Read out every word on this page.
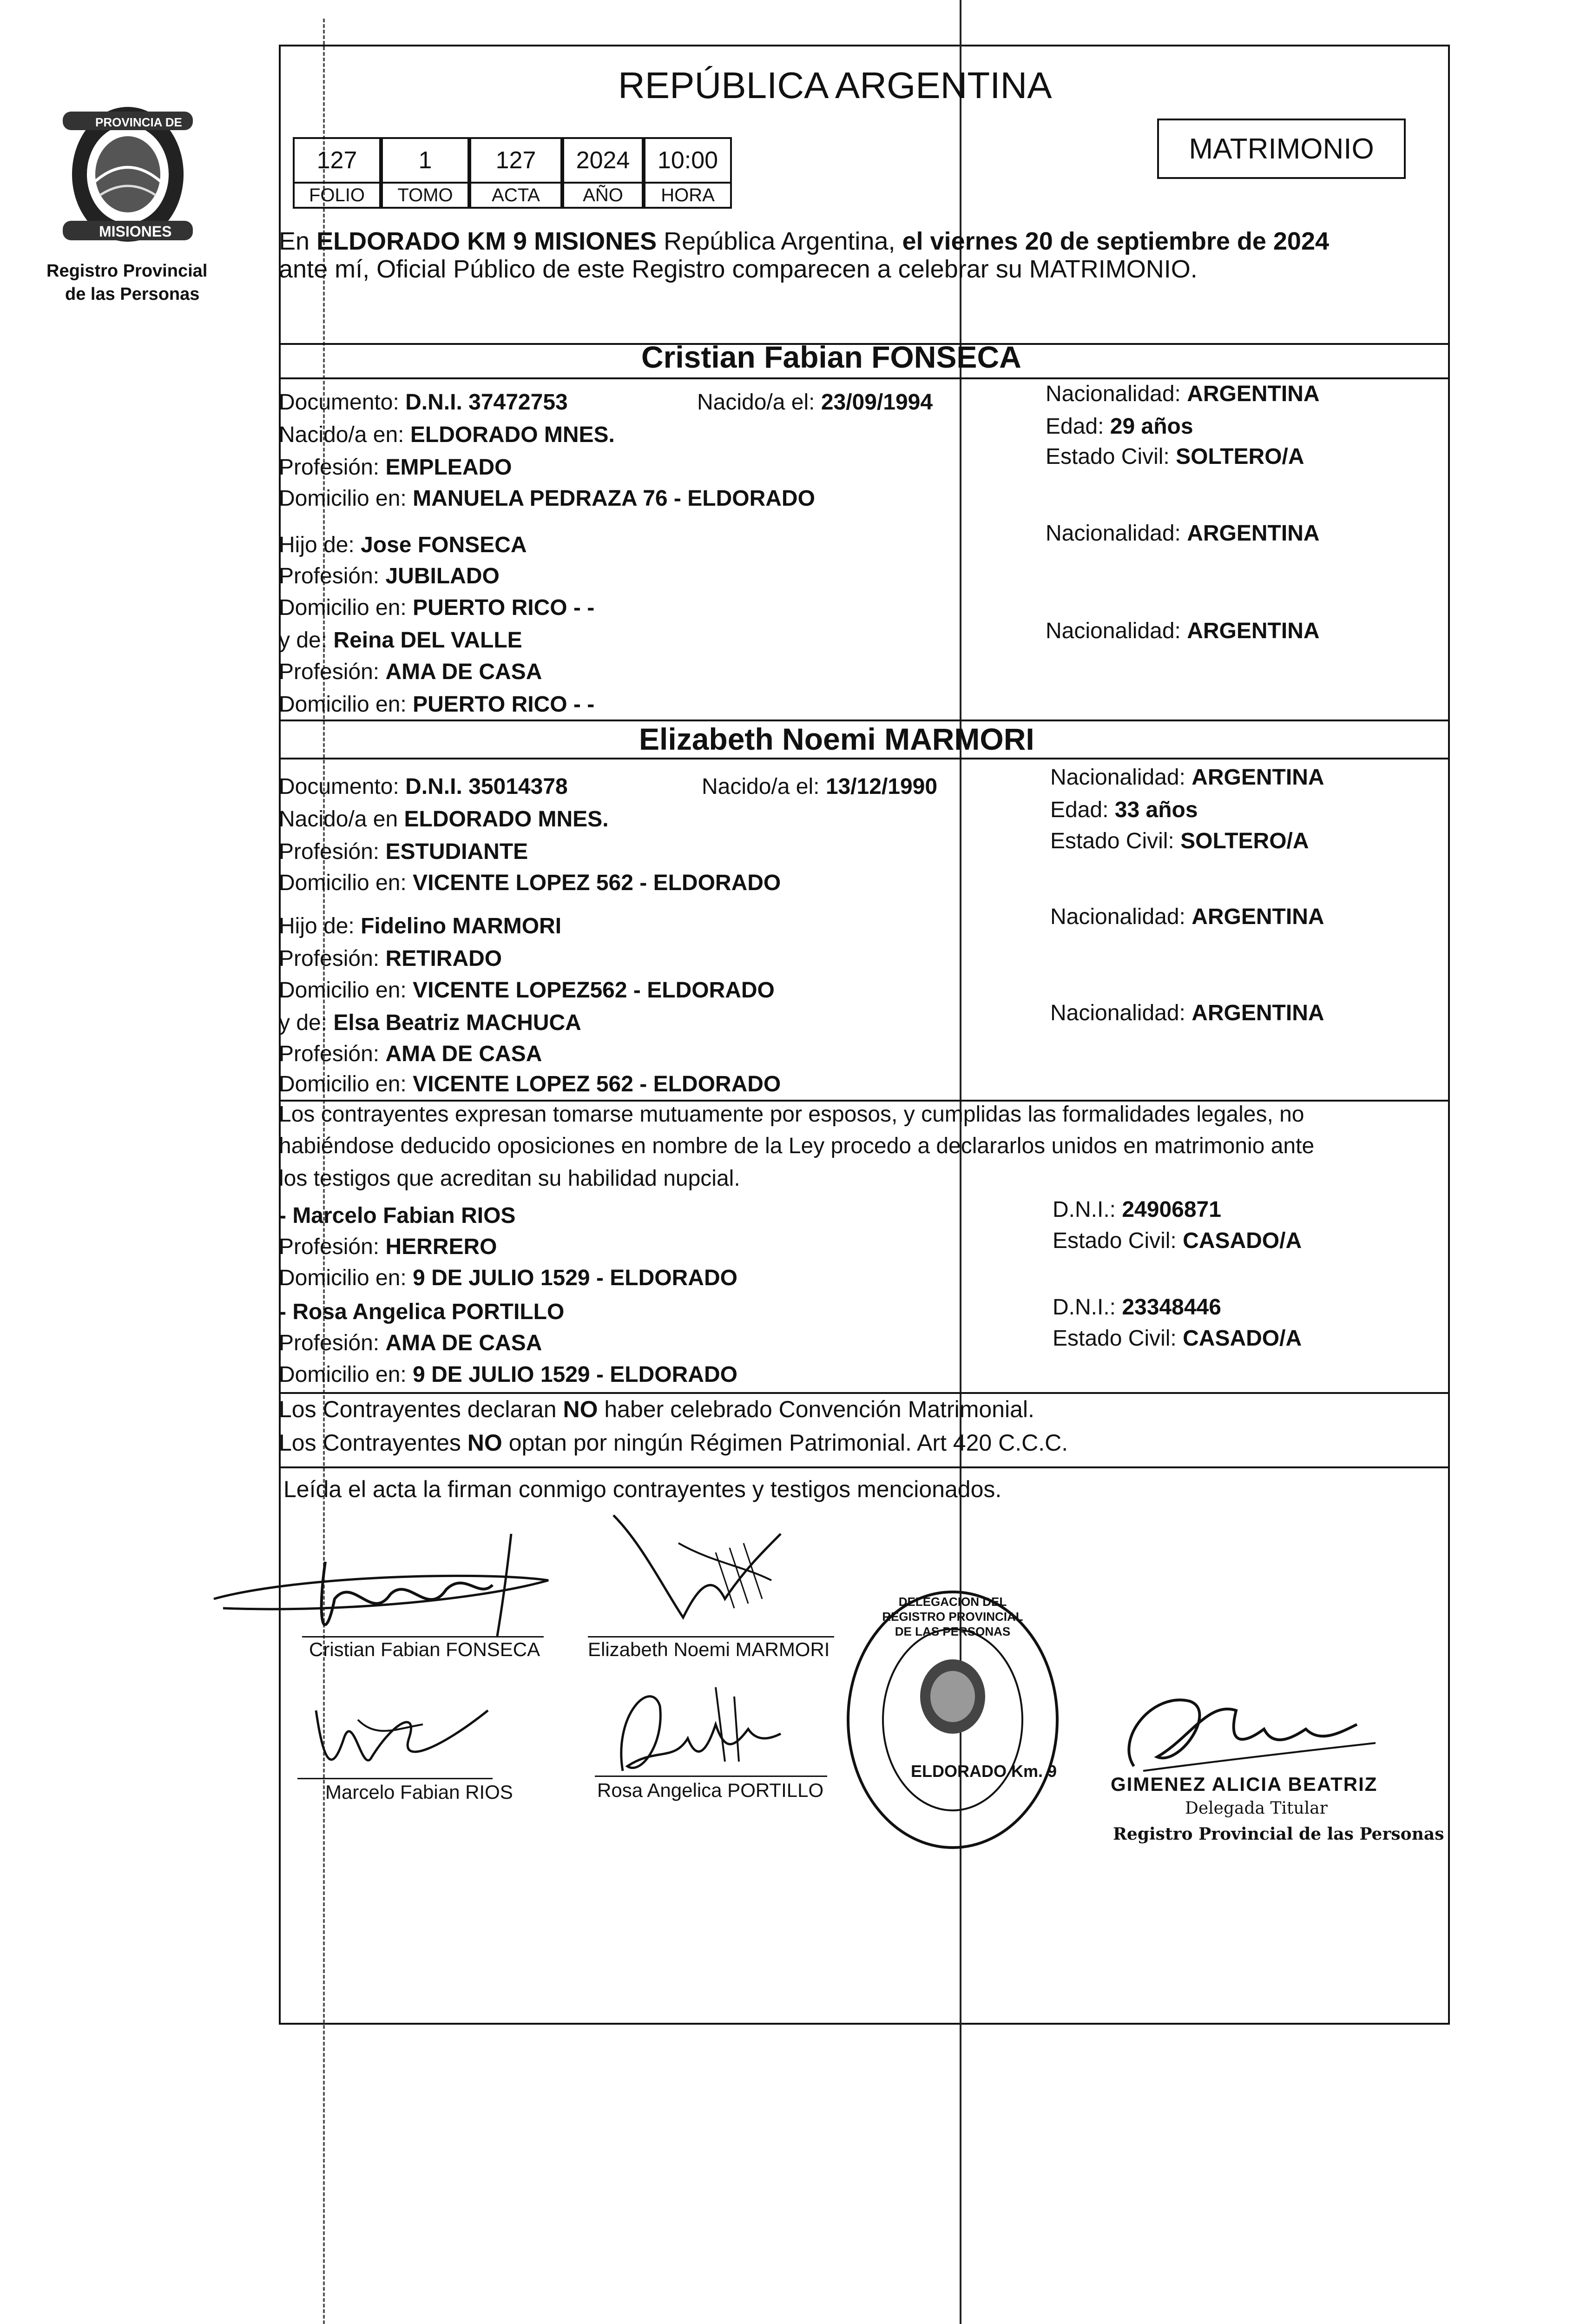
PROVINCIA DE
MISIONES
Registro Provincial
de las Personas
REPÚBLICA ARGENTINA
127	1	127	2024	10:00
FOLIO	TOMO	ACTA	AÑO	HORA
MATRIMONIO
En ELDORADO KM 9 MISIONES República Argentina, el viernes 20 de septiembre de 2024
ante mí, Oficial Público de este Registro comparecen a celebrar su MATRIMONIO.
Cristian Fabian FONSECA
Documento: D.N.I. 37472753	Nacido/a el: 23/09/1994	Nacionalidad: ARGENTINA
Nacido/a en: ELDORADO MNES.	Edad: 29 años
Profesión: EMPLEADO	Estado Civil: SOLTERO/A
Domicilio en: MANUELA PEDRAZA 76 - ELDORADO
Hijo de: Jose FONSECA	Nacionalidad: ARGENTINA
Profesión: JUBILADO
Domicilio en: PUERTO RICO - -
y de: Reina DEL VALLE	Nacionalidad: ARGENTINA
Profesión: AMA DE CASA
Domicilio en: PUERTO RICO - -
Elizabeth Noemi MARMORI
Documento: D.N.I. 35014378	Nacido/a el: 13/12/1990	Nacionalidad: ARGENTINA
Nacido/a en ELDORADO MNES.	Edad: 33 años
Profesión: ESTUDIANTE	Estado Civil: SOLTERO/A
Domicilio en: VICENTE LOPEZ 562 - ELDORADO
Hijo de: Fidelino MARMORI	Nacionalidad: ARGENTINA
Profesión: RETIRADO
Domicilio en: VICENTE LOPEZ562 - ELDORADO
y de: Elsa Beatriz MACHUCA	Nacionalidad: ARGENTINA
Profesión: AMA DE CASA
Domicilio en: VICENTE LOPEZ 562 - ELDORADO
Los contrayentes expresan tomarse mutuamente por esposos, y cumplidas las formalidades legales, no
habiéndose deducido oposiciones en nombre de la Ley procedo a declararlos unidos en matrimonio ante
los testigos que acreditan su habilidad nupcial.
- Marcelo Fabian RIOS
Profesión: HERRERO
Domicilio en: 9 DE JULIO 1529 - ELDORADO
D.N.I.: 24906871
Estado Civil: CASADO/A
- Rosa Angelica PORTILLO
Profesión: AMA DE CASA
Domicilio en: 9 DE JULIO 1529 - ELDORADO
D.N.I.: 23348446
Estado Civil: CASADO/A
Los Contrayentes declaran NO haber celebrado Convención Matrimonial.
Los Contrayentes NO optan por ningún Régimen Patrimonial. Art 420 C.C.C.
Leída el acta la firman conmigo contrayentes y testigos mencionados.
Cristian Fabian FONSECA Elizabeth Noemi MARMORI
Marcelo Fabian RIOS	Rosa Angelica PORTILLO
DELEGACION DEL REGISTRO PROVINCIAL DE LAS PERSONAS
ELDORADO Km. 9
GIMENEZ ALICIA BEATRIZ
Delegada Titular
Registro Provincial de las Personas
